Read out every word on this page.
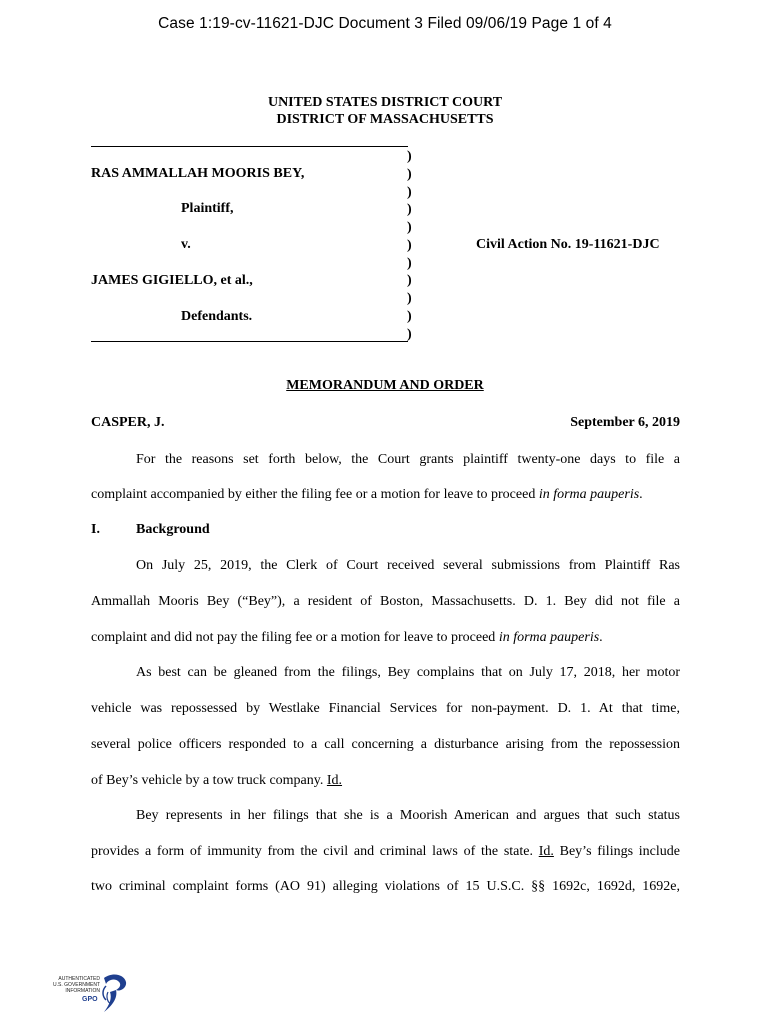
Case 1:19-cv-11621-DJC Document 3 Filed 09/06/19 Page 1 of 4
UNITED STATES DISTRICT COURT
DISTRICT OF MASSACHUSETTS
)
)
)
)
)
)
)
)
)
)
)
RAS AMMALLAH MOORIS BEY,
Plaintiff,
v.	Civil Action No. 19-11621-DJC
JAMES GIGIELLO, et al.,
Defendants.
MEMORANDUM AND ORDER
CASPER, J.	September 6, 2019
For the reasons set forth below, the Court grants plaintiff twenty-one days to file a
complaint accompanied by either the filing fee or a motion for leave to proceed in forma pauperis.
I.	Background
On July 25, 2019, the Clerk of Court received several submissions from Plaintiff Ras
Ammallah Mooris Bey (“Bey”), a resident of Boston, Massachusetts. D. 1. Bey did not file a
complaint and did not pay the filing fee or a motion for leave to proceed in forma pauperis.
As best can be gleaned from the filings, Bey complains that on July 17, 2018, her motor
vehicle was repossessed by Westlake Financial Services for non-payment. D. 1. At that time,
several police officers responded to a call concerning a disturbance arising from the repossession
of Bey’s vehicle by a tow truck company. Id.
Bey represents in her filings that she is a Moorish American and argues that such status
provides a form of immunity from the civil and criminal laws of the state. Id. Bey’s filings include
two criminal complaint forms (AO 91) alleging violations of 15 U.S.C. §§ 1692c, 1692d, 1692e,
AUTHENTICATED
U.S. GOVERNMENT
INFORMATION
GPO
